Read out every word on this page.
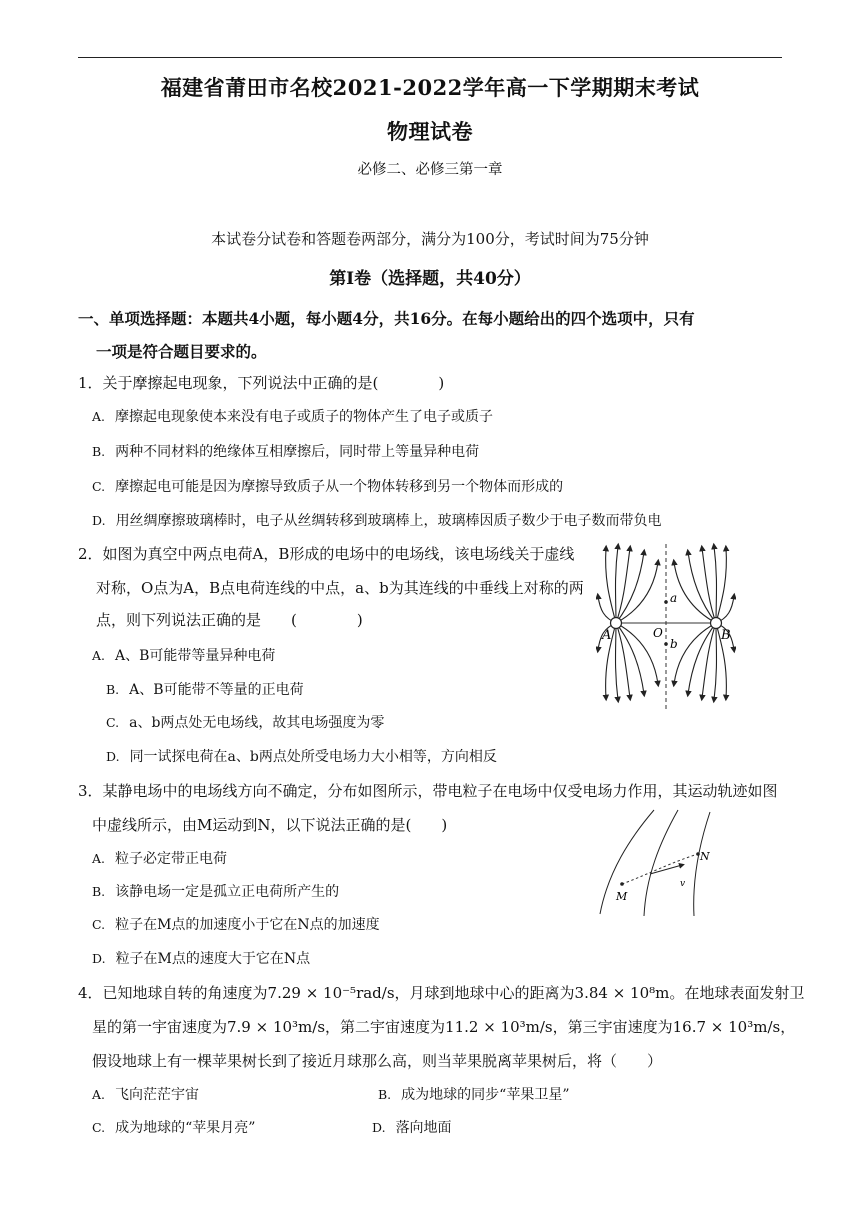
福建省莆田市名校2021-2022学年高一下学期期末考试
物理试卷
必修二、必修三第一章
本试卷分试卷和答题卷两部分，满分为100分，考试时间为75分钟
第Ⅰ卷（选择题，共40分）
一、单项选择题：本题共4小题，每小题4分，共16分。在每小题给出的四个选项中，只有
一项是符合题目要求的。
1．关于摩擦起电现象，下列说法中正确的是(　　　　)
A. 摩擦起电现象使本来没有电子或质子的物体产生了电子或质子
B. 两种不同材料的绝缘体互相摩擦后，同时带上等量异种电荷
C. 摩擦起电可能是因为摩擦导致质子从一个物体转移到另一个物体而形成的
D. 用丝绸摩擦玻璃棒时，电子从丝绸转移到玻璃棒上，玻璃棒因质子数少于电子数而带负电
2．如图为真空中两点电荷A，B形成的电场中的电场线，该电场线关于虚线
对称，O点为A，B点电荷连线的中点，a、b为其连线的中垂线上对称的两
点，则下列说法正确的是　　(　　　　)
A. A、B可能带等量异种电荷
B. A、B可能带不等量的正电荷
C. a、b两点处无电场线，故其电场强度为零
D. 同一试探电荷在a、b两点处所受电场力大小相等，方向相反
A	B
O
a
b
3．某静电场中的电场线方向不确定，分布如图所示，带电粒子在电场中仅受电场力作用，其运动轨迹如图
中虚线所示，由M运动到N，以下说法正确的是(　　)
A. 粒子必定带正电荷
B. 该静电场一定是孤立正电荷所产生的
C. 粒子在M点的加速度小于它在N点的加速度
D. 粒子在M点的速度大于它在N点
M
N
v
4．已知地球自转的角速度为7.29 × 10⁻⁵rad/s，月球到地球中心的距离为3.84 × 10⁸m。在地球表面发射卫
星的第一宇宙速度为7.9 × 10³m/s，第二宇宙速度为11.2 × 10³m/s，第三宇宙速度为16.7 × 10³m/s，
假设地球上有一棵苹果树长到了接近月球那么高，则当苹果脱离苹果树后，将（　　）
A. 飞向茫茫宇宙	B. 成为地球的同步“苹果卫星”
C. 成为地球的“苹果月亮”	D. 落向地面
